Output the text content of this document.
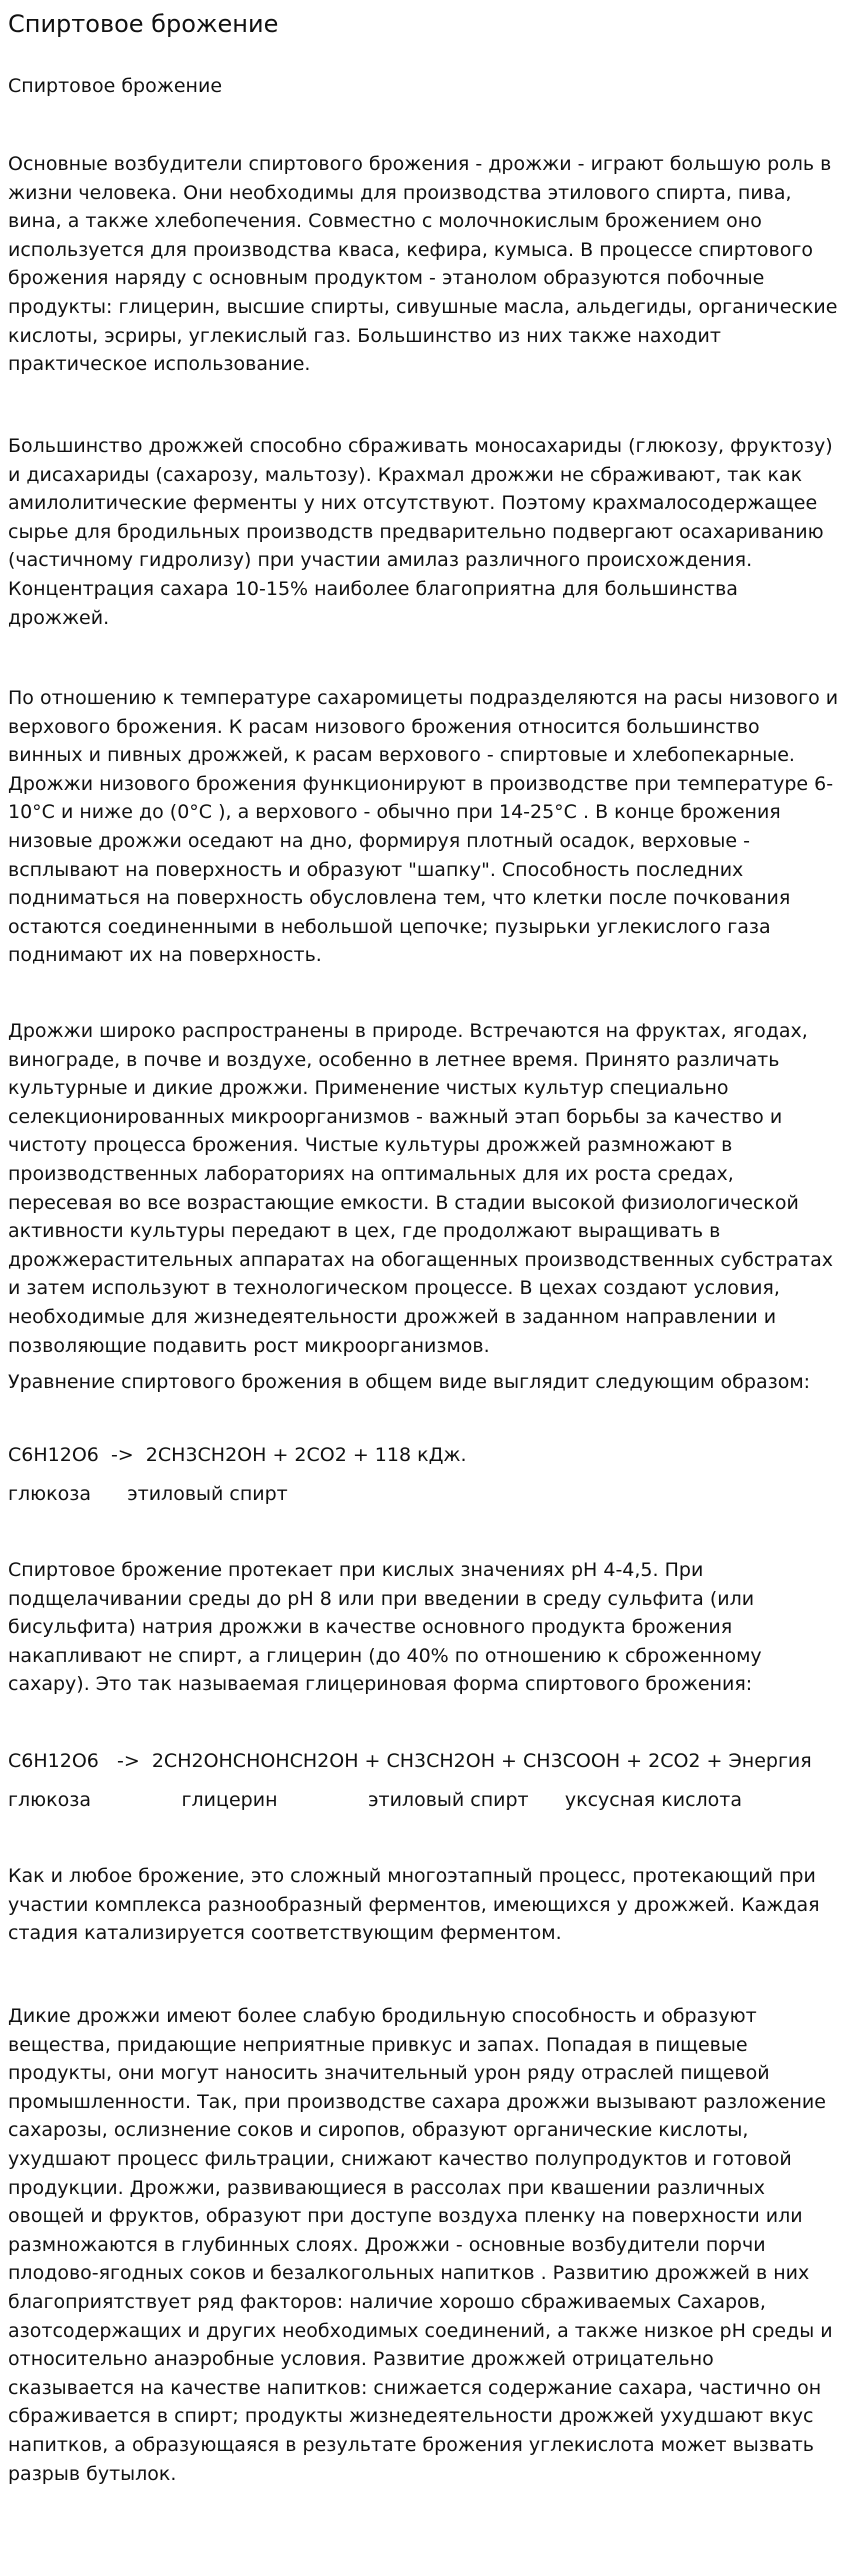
Спиртовое брожение

Спиртовое брожение

Основные возбудители спиртового брожения - дрожжи - играют большую роль в жизни человека. Они необходимы для производства этилового спирта, пива, вина, а также хлебопечения. Совместно с молочнокислым брожением оно используется для производства кваса, кефира, кумыса. В процессе спиртового брожения наряду с основным продуктом - этанолом образуются побочные продукты: глицерин, высшие спирты, сивушные масла, альдегиды, органические кислоты, эсриры, углекислый газ. Большинство из них также находит практическое использование.

Большинство дрожжей способно сбраживать моносахариды (глюкозу, фруктозу) и дисахариды (сахарозу, мальтозу). Крахмал дрожжи не сбраживают, так как амилолитические ферменты у них отсутствуют. Поэтому крахмалосодержащее сырье для бродильных производств предварительно подвергают осахариванию (частичному гидролизу) при участии амилаз различного происхождения. Концентрация сахара 10-15% наиболее благоприятна для большинства дрожжей.

По отношению к температуре сахаромицеты подразделяются на расы низового и верхового брожения. К расам низового брожения относится большинство винных и пивных дрожжей, к расам верхового - спиртовые и хлебопекарные. Дрожжи низового брожения функционируют в производстве при температуре 6-10°С и ниже до (0°С ), а верхового - обычно при 14-25°С . В конце брожения низовые дрожжи оседают на дно, формируя плотный осадок, верховые - всплывают на поверхность и образуют "шапку". Способность последних подниматься на поверхность обусловлена тем, что клетки после почкования остаются соединенными в небольшой цепочке; пузырьки углекислого газа поднимают их на поверхность.

Дрожжи широко распространены в природе. Встречаются на фруктах, ягодах, винограде, в почве и воздухе, особенно в летнее время. Принято различать культурные и дикие дрожжи. Применение чистых культур специально селекционированных микроорганизмов - важный этап борьбы за качество и чистоту процесса брожения. Чистые культуры дрожжей размножают в производственных лабораториях на оптимальных для их роста средах, пересевая во все возрастающие емкости. В стадии высокой физиологической активности культуры передают в цех, где продолжают выращивать в дрожжерастительных аппаратах на обогащенных производственных субстратах и затем используют в технологическом процессе. В цехах создают условия, необходимые для жизнедеятельности дрожжей в заданном направлении и позволяющие подавить рост микроорганизмов.

Уравнение спиртового брожения в общем виде выглядит следующим образом:

С6Н12О6  ->  2СН3СН2ОН + 2СО2 + 118 кДж.

глюкоза      этиловый спирт

Спиртовое брожение протекает при кислых значениях рН 4-4,5. При подщелачивании среды до рН 8 или при введении в среду сульфита (или бисульфита) натрия дрожжи в качестве основного продукта брожения накапливают не спирт, а глицерин (до 40% по отношению к сброженному сахару). Это так называемая глицериновая форма спиртового брожения:

С6Н12О6   ->  2СН2ОНСНОНСН2ОН + СН3СН2ОН + СН3СООН + 2СО2 + Энергия

глюкоза               глицерин               этиловый спирт      уксусная кислота

Как и любое брожение, это сложный многоэтапный процесс, протекающий при участии комплекса разнообразный ферментов, имеющихся у дрожжей. Каждая стадия катализируется соответствующим ферментом.

Дикие дрожжи имеют более слабую бродильную способность и образуют вещества, придающие неприятные привкус и запах. Попадая в пищевые продукты, они могут наносить значительный урон ряду отраслей пищевой промышленности. Так, при производстве сахара дрожжи вызывают разложение сахарозы, ослизнение соков и сиропов, образуют органические кислоты, ухудшают процесс фильтрации, снижают качество полупродуктов и готовой продукции. Дрожжи, развивающиеся в рассолах при квашении различных овощей и фруктов, образуют при доступе воздуха пленку на поверхности или размножаются в глубинных слоях. Дрожжи - основные возбудители порчи плодово-ягодных соков и безалкогольных напитков . Развитию дрожжей в них благоприятствует ряд факторов: наличие хорошо сбраживаемых Сахаров, азотсодержащих и других необходимых соединений, а также низкое рН среды и относительно анаэробные условия. Развитие дрожжей отрицательно сказывается на качестве напитков: снижается содержание сахара, частично он сбраживается в спирт; продукты жизнедеятельности дрожжей ухудшают вкус напитков, а образующаяся в результате брожения углекислота может вызвать разрыв бутылок.
